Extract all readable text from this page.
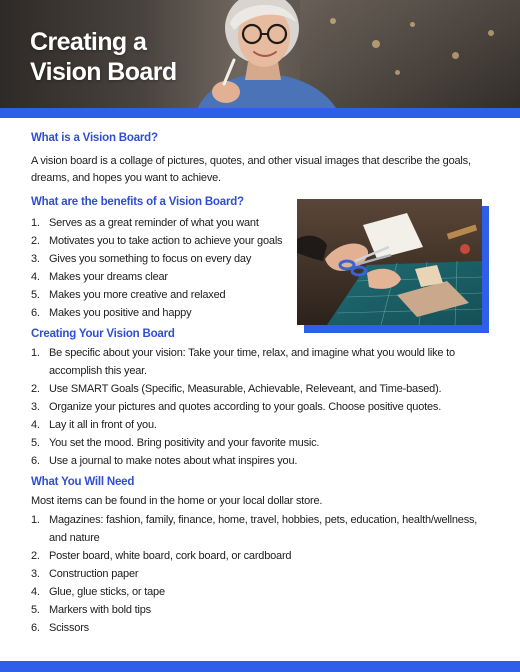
Creating a
Vision Board
What is a Vision Board?

A vision board is a collage of pictures, quotes, and other visual images that describe the goals, dreams, and hopes you want to achieve.

What are the benefits of a Vision Board?
1. Serves as a great reminder of what you want
2. Motivates you to take action to achieve your goals
3. Gives you something to focus on every day
4. Makes your dreams clear
5. Makes you more creative and relaxed
6. Makes you positive and happy
Creating Your Vision Board
1. Be specific about your vision: Take your time, relax, and imagine what you would like to accomplish this year.
2. Use SMART Goals (Specific, Measurable, Achievable, Releveant, and Time-based).
3. Organize your pictures and quotes according to your goals. Choose positive quotes.
4. Lay it all in front of you.
5. You set the mood. Bring positivity and your favorite music.
6. Use a journal to make notes about what inspires you.
What You Will Need

Most items can be found in the home or your local dollar store.

1. Magazines: fashion, family, finance, home, travel, hobbies, pets, education, health/wellness, and nature
2. Poster board, white board, cork board, or cardboard
3. Construction paper
4. Glue, glue sticks, or tape
5. Markers with bold tips
6. Scissors
